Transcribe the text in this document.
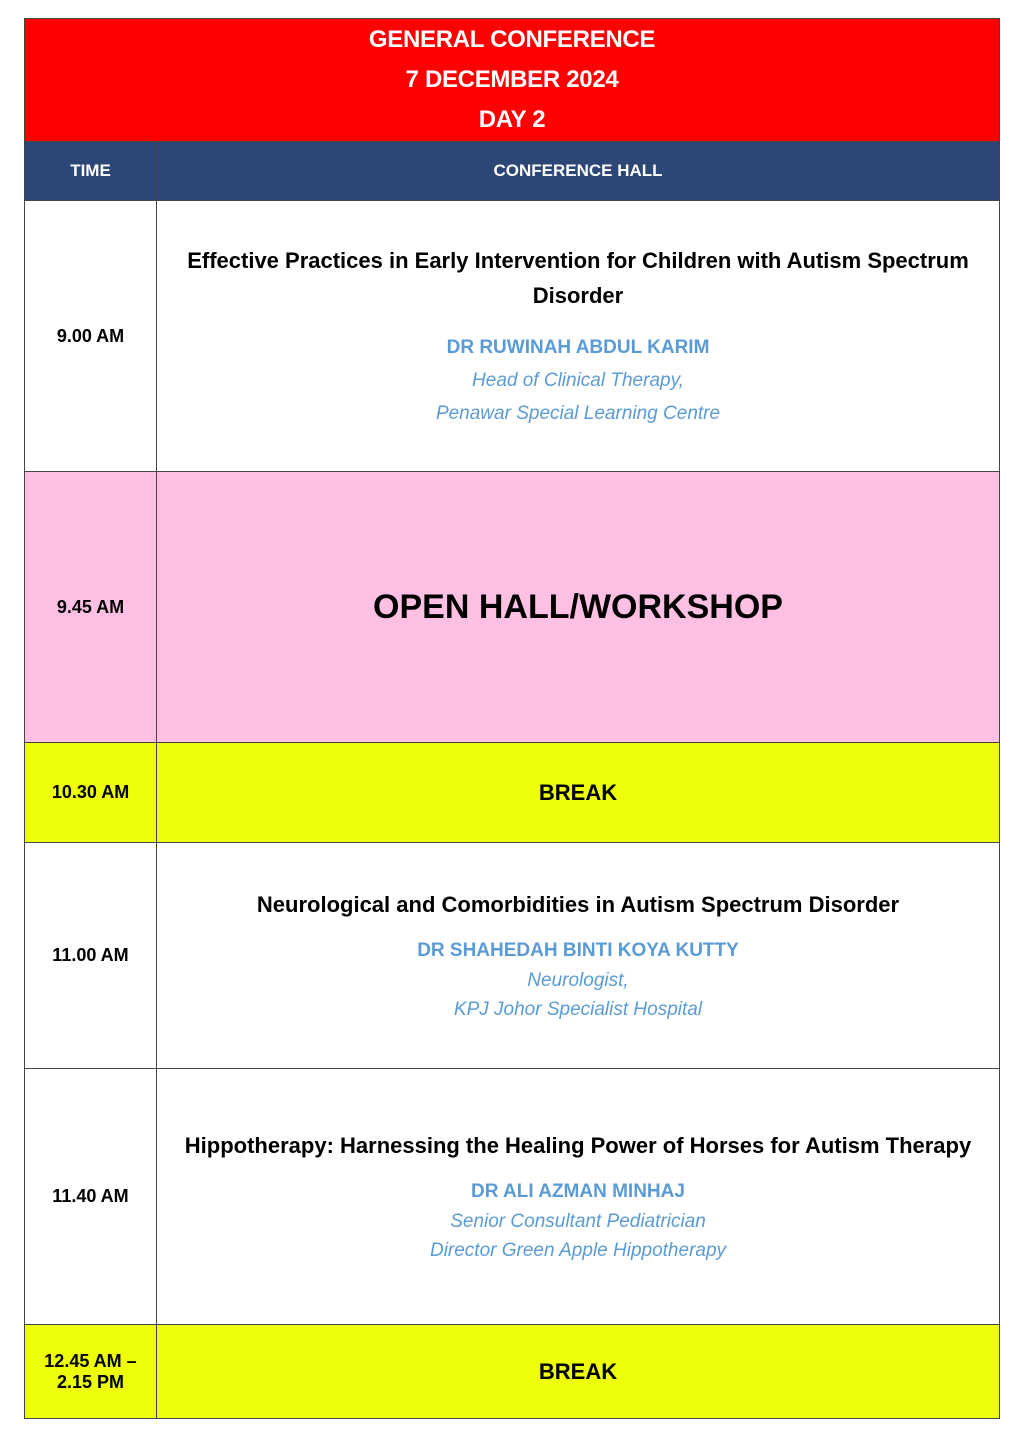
GENERAL CONFERENCE
7 DECEMBER 2024
DAY 2	

TIME	CONFERENCE HALL
9.00 AM	Effective Practices in Early Intervention for Children with Autism Spectrum Disorder
DR RUWINAH ABDUL KARIM
Head of Clinical Therapy,
Penawar Special Learning Centre

9.45 AM	OPEN HALL/WORKSHOP
10.30 AM	BREAK
11.00 AM	Neurological and Comorbidities in Autism Spectrum Disorder
DR SHAHEDAH BINTI KOYA KUTTY
Neurologist,
KPJ Johor Specialist Hospital

11.40 AM	Hippotherapy: Harnessing the Healing Power of Horses for Autism Therapy
DR ALI AZMAN MINHAJ
Senior Consultant Pediatrician
Director Green Apple Hippotherapy

12.45 AM –
2.15 PM	BREAK
